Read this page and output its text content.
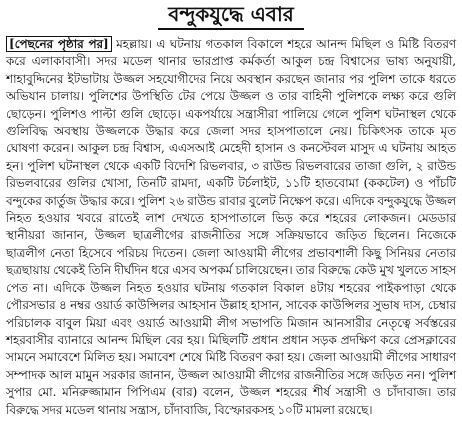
বন্দুকযুদ্ধে এবার
[পেছনের পৃষ্ঠার পর] মহল্লায়। এ ঘটনায় গতকাল বিকালে শহরে আনন্দ মিছিল ও মিষ্টি বিতরণ করে এলাকাবাসী। সদর মডেল থানার ভারপ্রাপ্ত কর্মকর্তা আকুল চন্দ্র বিশ্বাসের ভাষ্য অনুযায়ী, শাহাবুদ্দিনের ইটভাটায় উজ্জল সহযোগীদের নিয়ে অবস্থান করছেন জানার পর পুলিশ তাকে ধরতে অভিযান চালায়। পুলিশের উপস্থিতি টের পেয়ে উজ্জল ও তার বাহিনী পুলিশকে লক্ষ্য করে গুলি ছোড়েন। পুলিশও পাল্টা গুলি ছোড়ে। একপর্যায়ে সন্ত্রাসীরা পালিয়ে গেলে পুলিশ ঘটনাস্থল থেকে গুলিবিদ্ধ অবস্থায় উজ্জলকে উদ্ধার করে জেলা সদর হাসপাতালে নেয়। চিকিৎসক তাকে মৃত ঘোষণা করেন। আকুল চন্দ্র বিশ্বাস, এএসআই মেহেদী হাসান ও কনস্টেবল মাসুদ এ ঘটনায় আহত হন। পুলিশ ঘটনাস্থল থেকে একটি বিদেশি রিভলবার, ৩ রাউন্ড রিভলবারের তাজা গুলি, ২ রাউন্ড রিভলবারের গুলির খোসা, তিনটি রামদা, একটি টর্চলাইট, ১১টি হাতবোমা (ককটেল) ও পাঁচটি বন্দুকের কার্তুজ উদ্ধার করে। পুলিশ ২৬ রাউন্ড রাবার বুলেট নিক্ষেপ করে। এদিকে বন্দুকযুদ্ধে উজ্জল নিহত হওয়ার খবরে রাতেই লাশ দেখতে হাসপাতালে ভিড় করে শহরের লোকজন। মেডডার স্থানীয়রা জানান, উজ্জল ছাত্রলীগের রাজনীতির সঙ্গে সক্রিয়ভাবে জড়িত ছিলেন। নিজেকে ছাত্রলীগ নেতা হিসেবে পরিচয় দিতেন। জেলা আওয়ামী লীগের প্রভাবশালী কিছু সিনিয়র নেতার ছত্রছায়ায় থেকেই তিনি দীর্ঘদিন ধরে এসব অপকর্ম চালিয়েছেন। তার বিরুদ্ধে কেউ মুখ খুলতে সাহস পেত না। এদিকে উজ্জল নিহত হওয়ার ঘটনায় গতকাল বিকাল ৪টায় শহরের পাইকপাড়া থেকে পৌরসভার ৪ নম্বর ওয়ার্ড কাউন্সিলর আহসান উল্লাহ হাসান, সাবেক কাউন্সিলর সুভাষ দাস, চেম্বার পরিচালক বাবুল মিয়া এবং ওয়ার্ড আওয়ামী লীগ সভাপতি মিজান আনসারীর নেতৃত্বে সর্বস্তরের শহরবাসীর ব্যানারে আনন্দ মিছিল বের হয়। মিছিলটি প্রধান প্রধান সড়ক প্রদক্ষিণ করে প্রেসক্লাবের সামনে সমাবেশে মিলিত হয়। সমাবেশ শেষে মিষ্টি বিতরণ করা হয়। জেলা আওয়ামী লীগের সাধারণ সম্পাদক আল মামুন সরকার জানান, উজ্জল আওয়ামী লীগের রাজনীতির সঙ্গে জড়িত নন। পুলিশ সুপার মো. মনিরুজ্জামান পিপিএম (বার) বলেন, উজ্জল শহরের শীর্ষ সন্ত্রাসী ও চাঁদাবাজ। তার বিরুদ্ধে সদর মডেল থানায় সন্ত্রাস, চাঁদাবাজি, বিস্ফোরকসহ ১০টি মামলা রয়েছে।
